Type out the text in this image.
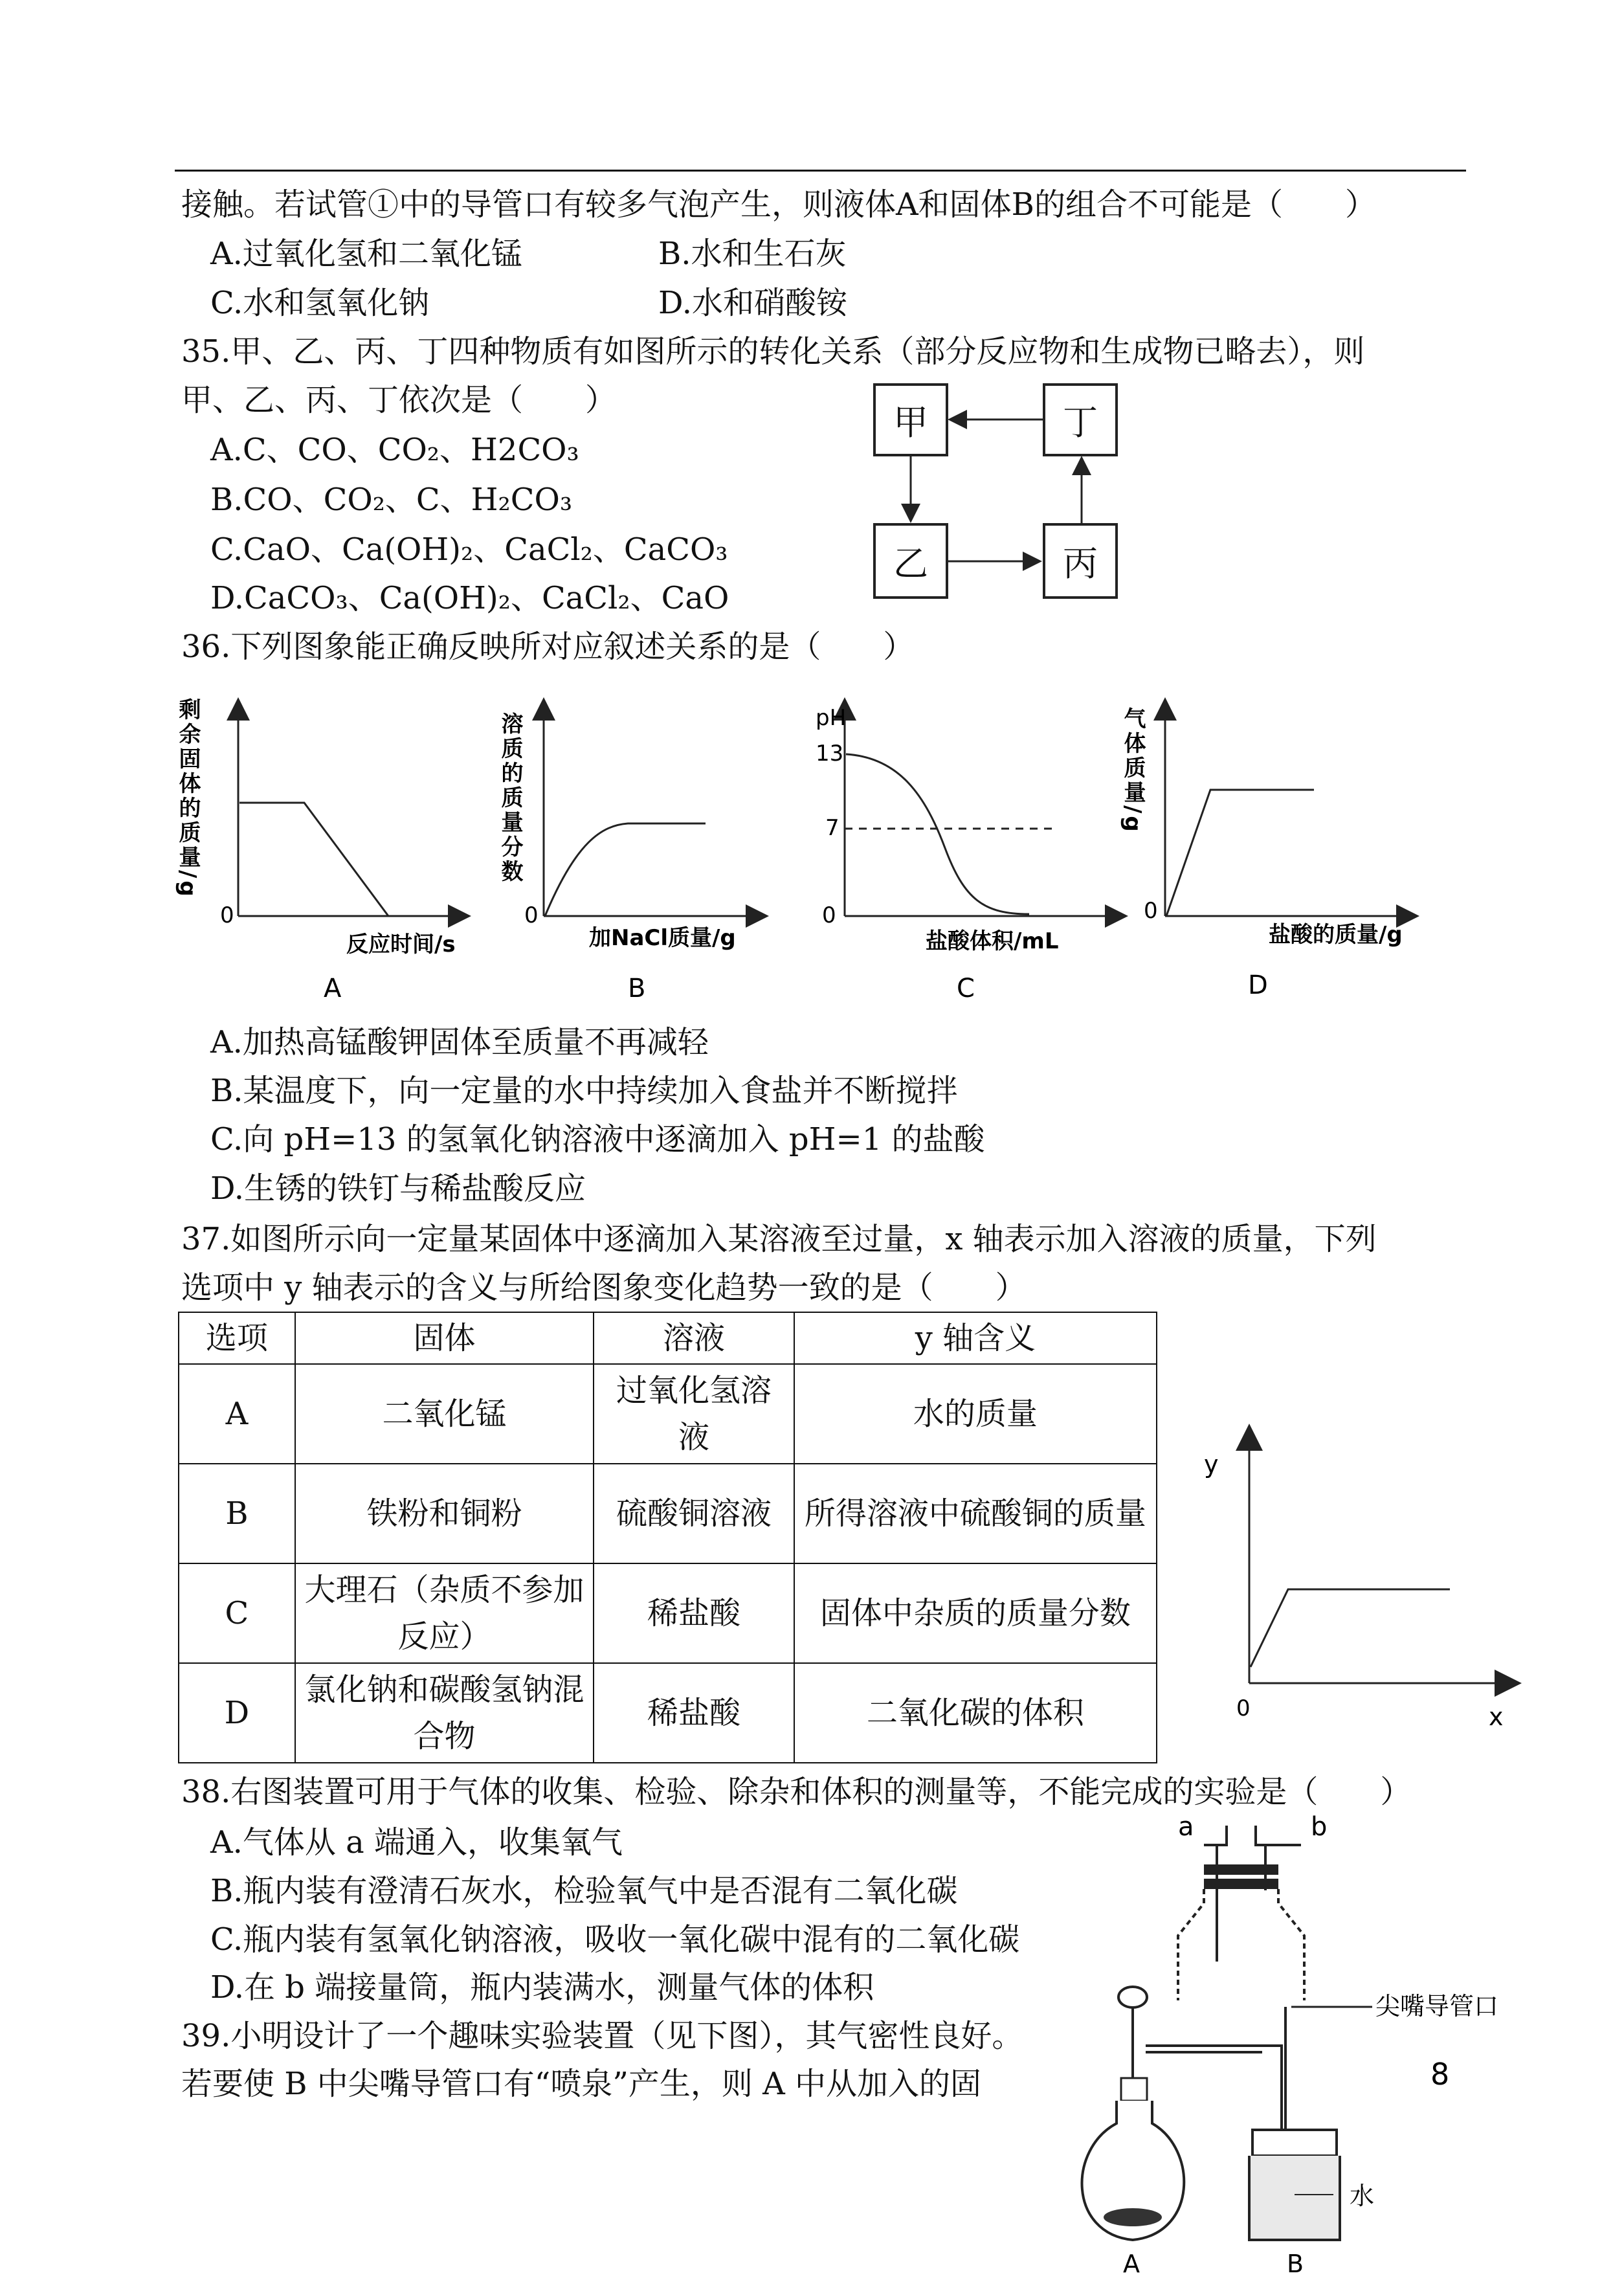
接触。若试管①中的导管口有较多气泡产生，则液体A和固体B的组合不可能是（　　）
A.过氧化氢和二氧化锰	B.水和生石灰
C.水和氢氧化钠	D.水和硝酸铵
35.甲、乙、丙、丁四种物质有如图所示的转化关系（部分反应物和生成物已略去），则
甲、乙、丙、丁依次是（　　）
A.C、CO、CO₂、H2CO₃
B.CO、CO₂、C、H₂CO₃
C.CaO、Ca(OH)₂、CaCl₂、CaCO₃
D.CaCO₃、Ca(OH)₂、CaCl₂、CaO
甲	丁
乙	丙
36.下列图象能正确反映所对应叙述关系的是（　　）
0
反应时间/s
剩余固体的质量/g
A
0
加NaCl质量/g
溶质的质量分数
B
0
13
7
pH
盐酸体积/mL
C
0
盐酸的质量/g
气体质量/g
D
A.加热高锰酸钾固体至质量不再减轻
B.某温度下，向一定量的水中持续加入食盐并不断搅拌
C.向 pH=13 的氢氧化钠溶液中逐滴加入 pH=1 的盐酸
D.生锈的铁钉与稀盐酸反应
37.如图所示向一定量某固体中逐滴加入某溶液至过量，x 轴表示加入溶液的质量，下列
选项中 y 轴表示的含义与所给图象变化趋势一致的是（　　）
选项	固体	溶液	y 轴含义
A	二氧化锰	过氧化氢溶液	水的质量
B	铁粉和铜粉	硫酸铜溶液	所得溶液中硫酸铜的质量
C	大理石（杂质不参加反应）	稀盐酸	固体中杂质的质量分数
D	氯化钠和碳酸氢钠混合物	稀盐酸	二氧化碳的体积
y
x
0
38.右图装置可用于气体的收集、检验、除杂和体积的测量等，不能完成的实验是（　　）
A.气体从 a 端通入，收集氧气
B.瓶内装有澄清石灰水，检验氧气中是否混有二氧化碳
C.瓶内装有氢氧化钠溶液，吸收一氧化碳中混有的二氧化碳
D.在 b 端接量筒，瓶内装满水，测量气体的体积
a	b
39.小明设计了一个趣味实验装置（见下图），其气密性良好。
若要使 B 中尖嘴导管口有“喷泉”产生，则 A 中从加入的固
尖嘴导管口
水
A	B
8
